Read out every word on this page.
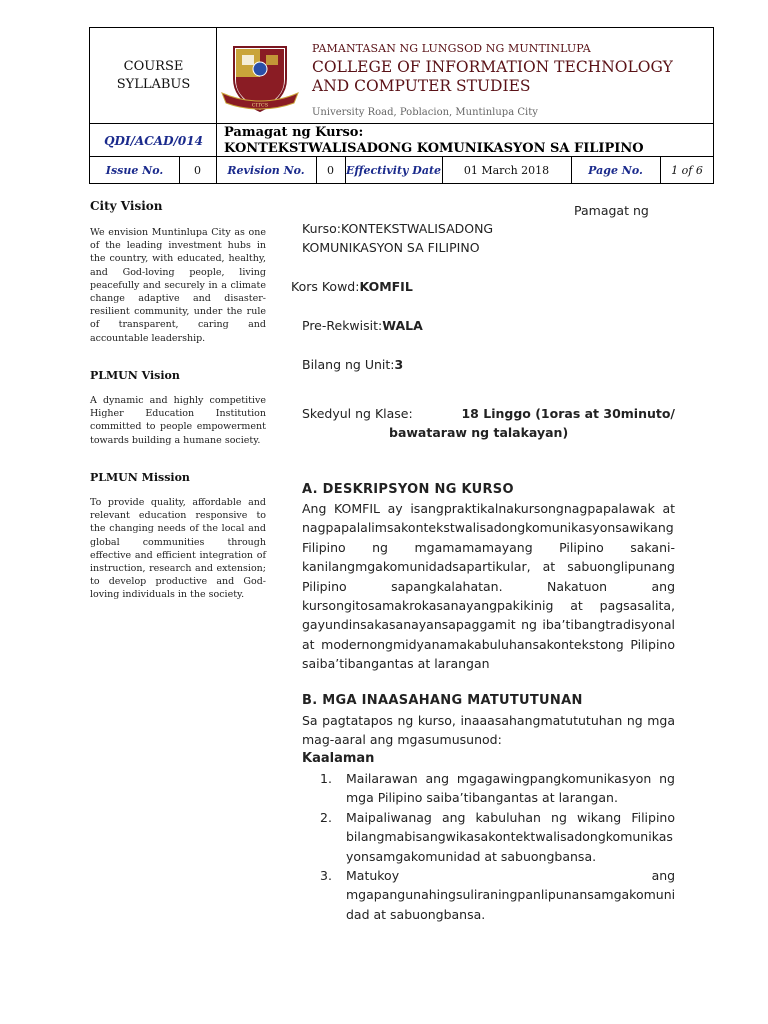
COURSE
SYLLABUS
CITCS
PAMANTASAN NG LUNGSOD NG MUNTINLUPA
COLLEGE OF INFORMATION TECHNOLOGY
AND COMPUTER STUDIES
University Road, Poblacion, Muntinlupa City
QDI/ACAD/014
Pamagat ng Kurso:
KONTEKSTWALISADONG KOMUNIKASYON SA FILIPINO
Issue No.	0	Revision No.	0	Effectivity Date	01 March 2018	Page No.	1 of 6
City Vision
We envision Muntinlupa City as one of the leading investment hubs in the country, with educated, healthy, and God-loving people, living peacefully and securely in a climate change adaptive and disaster-resilient community, under the rule of transparent, caring and accountable leadership.
PLMUN Vision
A dynamic and highly competitive Higher Education Institution committed to people empowerment towards building a humane society.
PLMUN Mission
To provide quality, affordable and relevant education responsive to the changing needs of the local and global communities through effective and efficient integration of instruction, research and extension; to develop productive and God-loving individuals in the society.
Pamagat ng
Kurso:KONTEKSTWALISADONG
KOMUNIKASYON SA FILIPINO
Kors Kowd:KOMFIL
Pre-Rekwisit:WALA
Bilang ng Unit:3
Skedyul ng Klase:	18 Linggo (1oras at 30minuto/
bawataraw ng talakayan)
A. DESKRIPSYON NG KURSO
Ang KOMFIL ay isangpraktikalnakursongnagpapalawak at
nagpapalalimsakontekstwalisadongkomunikasyonsawikang
Filipino ng mgamamamayang Pilipino sakani-
kanilangmgakomunidadsapartikular, at sabuonglipunang
Pilipino sapangkalahatan. Nakatuon ang
kursongitosamakrokasanayangpakikinig at pagsasalita,
gayundinsakasanayansapaggamit ng iba’tibangtradisyonal
at modernongmidyanamakabuluhansakontekstong Pilipino
saiba’tibangantas at larangan
B. MGA INAASAHANG MATUTUTUNAN
Sa pagtatapos ng kurso, inaaasahangmatututuhan ng mga
mag-aaral ang mgasumusunod:
Kaalaman
1.	Mailarawan ang mgagawingpangkomunikasyon ng
mga Pilipino saiba’tibangantas at larangan.
2.	Maipaliwanag ang kabuluhan ng wikang Filipino
bilangmabisangwikasakontektwalisadongkomunikas
yonsamgakomunidad at sabuongbansa.
3.	Matukoy ang
mgapangunahingsuliraningpanlipunansamgakomuni
dad at sabuongbansa.
